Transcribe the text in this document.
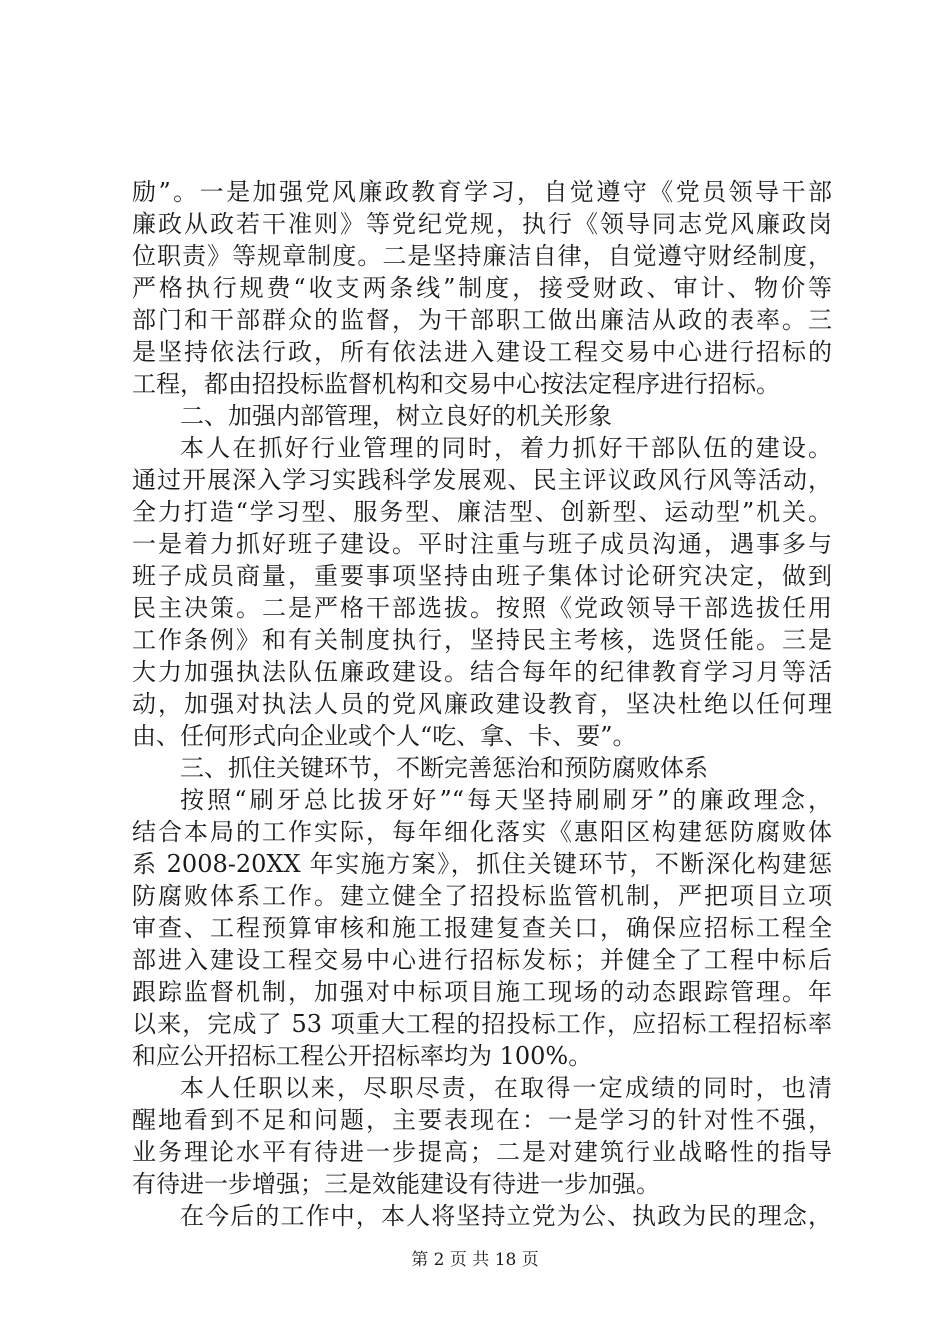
励”。一是加强党风廉政教育学习，自觉遵守《党员领导干部
廉政从政若干准则》等党纪党规，执行《领导同志党风廉政岗
位职责》等规章制度。二是坚持廉洁自律，自觉遵守财经制度，
严格执行规费“收支两条线”制度，接受财政、审计、物价等
部门和干部群众的监督，为干部职工做出廉洁从政的表率。三
是坚持依法行政，所有依法进入建设工程交易中心进行招标的
工程，都由招投标监督机构和交易中心按法定程序进行招标。
二、加强内部管理，树立良好的机关形象
本人在抓好行业管理的同时，着力抓好干部队伍的建设。
通过开展深入学习实践科学发展观、民主评议政风行风等活动，
全力打造“学习型、服务型、廉洁型、创新型、运动型”机关。
一是着力抓好班子建设。平时注重与班子成员沟通，遇事多与
班子成员商量，重要事项坚持由班子集体讨论研究决定，做到
民主决策。二是严格干部选拔。按照《党政领导干部选拔任用
工作条例》和有关制度执行，坚持民主考核，选贤任能。三是
大力加强执法队伍廉政建设。结合每年的纪律教育学习月等活
动，加强对执法人员的党风廉政建设教育，坚决杜绝以任何理
由、任何形式向企业或个人“吃、拿、卡、要”。
三、抓住关键环节，不断完善惩治和预防腐败体系
按照“刷牙总比拔牙好”“每天坚持刷刷牙”的廉政理念，
结合本局的工作实际，每年细化落实《惠阳区构建惩防腐败体
系 2008-20XX 年实施方案》，抓住关键环节，不断深化构建惩
防腐败体系工作。建立健全了招投标监管机制，严把项目立项
审查、工程预算审核和施工报建复查关口，确保应招标工程全
部进入建设工程交易中心进行招标发标；并健全了工程中标后
跟踪监督机制，加强对中标项目施工现场的动态跟踪管理。年
以来，完成了 53 项重大工程的招投标工作，应招标工程招标率
和应公开招标工程公开招标率均为 100%。
本人任职以来，尽职尽责，在取得一定成绩的同时，也清
醒地看到不足和问题，主要表现在：一是学习的针对性不强，
业务理论水平有待进一步提高；二是对建筑行业战略性的指导
有待进一步增强；三是效能建设有待进一步加强。
在今后的工作中，本人将坚持立党为公、执政为民的理念，
第 2 页 共 18 页
